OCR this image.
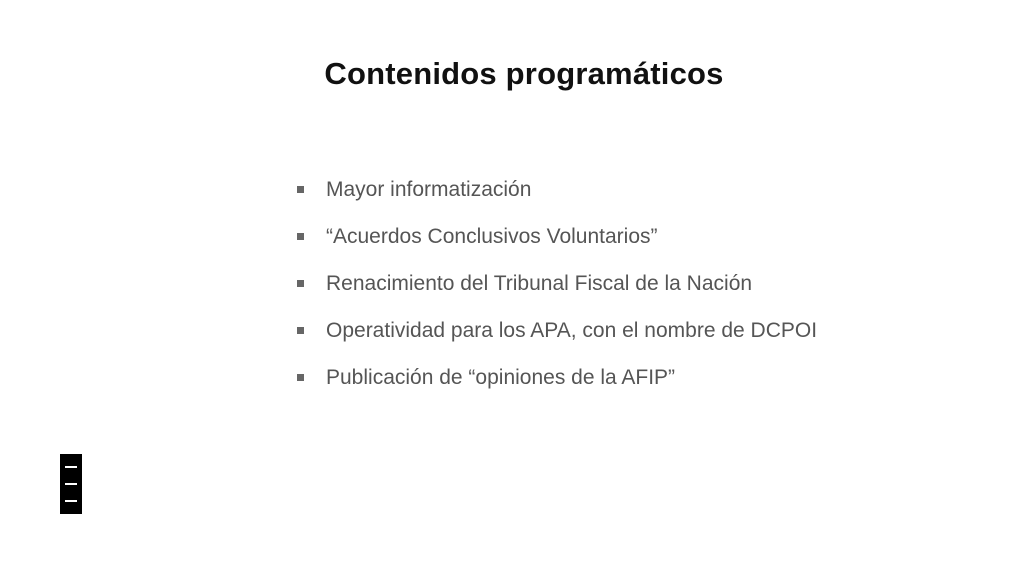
Contenidos programáticos
Mayor informatización
“Acuerdos Conclusivos Voluntarios”
Renacimiento del Tribunal Fiscal de la Nación
Operatividad para los APA, con el nombre de DCPOI
Publicación de “opiniones de la AFIP”
